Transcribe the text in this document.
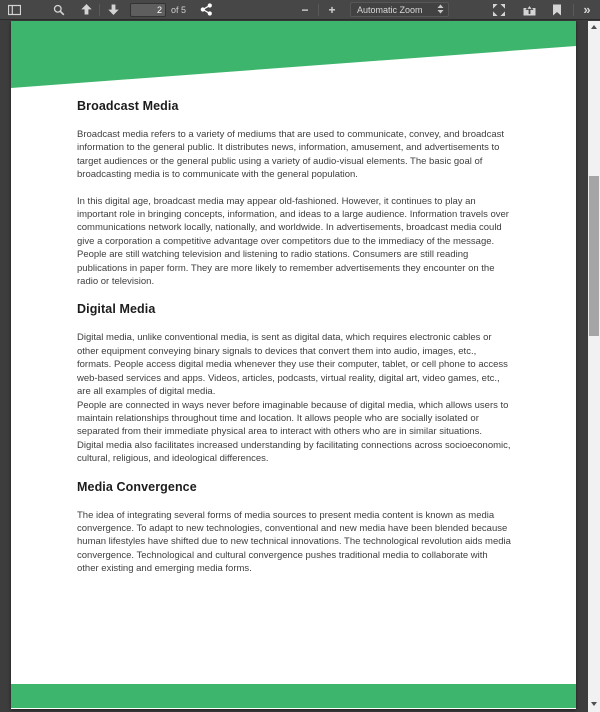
2
of 5	− + Automatic Zoom	»
Broadcast Media

Broadcast media refers to a variety of mediums that are used to communicate, convey, and broadcast information to the general public. It distributes news, information, amusement, and advertisements to target audiences or the general public using a variety of audio-visual elements. The basic goal of broadcasting media is to communicate with the general population.

In this digital age, broadcast media may appear old-fashioned. However, it continues to play an important role in bringing concepts, information, and ideas to a large audience. Information travels over communications network locally, nationally, and worldwide. In advertisements, broadcast media could give a corporation a competitive advantage over competitors due to the immediacy of the message. People are still watching television and listening to radio stations. Consumers are still reading publications in paper form. They are more likely to remember advertisements they encounter on the radio or television.

Digital Media

Digital media, unlike conventional media, is sent as digital data, which requires electronic cables or other equipment conveying binary signals to devices that convert them into audio, images, etc., formats. People access digital media whenever they use their computer, tablet, or cell phone to access web-based services and apps. Videos, articles, podcasts, virtual reality, digital art, video games, etc., are all examples of digital media.

People are connected in ways never before imaginable because of digital media, which allows users to maintain relationships throughout time and location. It allows people who are socially isolated or separated from their immediate physical area to interact with others who are in similar situations. Digital media also facilitates increased understanding by facilitating connections across socioeconomic, cultural, religious, and ideological differences.

Media Convergence

The idea of integrating several forms of media sources to present media content is known as media convergence. To adapt to new technologies, conventional and new media have been blended because human lifestyles have shifted due to new technical innovations. The technological revolution aids media convergence. Technological and cultural convergence pushes traditional media to collaborate with other existing and emerging media forms.
